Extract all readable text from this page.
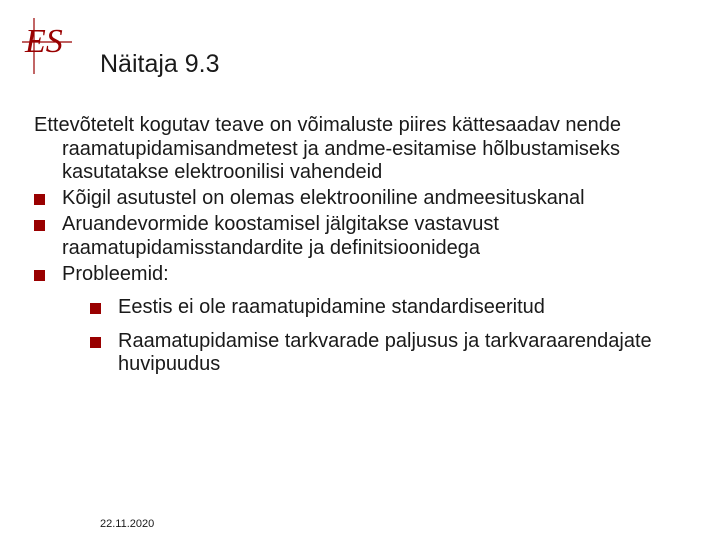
ES
Näitaja 9.3
Ettevõtetelt kogutav teave on võimaluste piires kättesaadav nende raamatupidamisandmetest ja andme-esitamise hõlbustamiseks kasutatakse elektroonilisi vahendeid
Kõigil asutustel on olemas elektrooniline andmeesituskanal
Aruandevormide koostamisel jälgitakse vastavust raamatupidamisstandardite ja definitsioonidega
Probleemid:
Eestis ei ole raamatupidamine standardiseeritud
Raamatupidamise tarkvarade paljusus ja tarkvaraarendajate huvipuudus
22.11.2020
